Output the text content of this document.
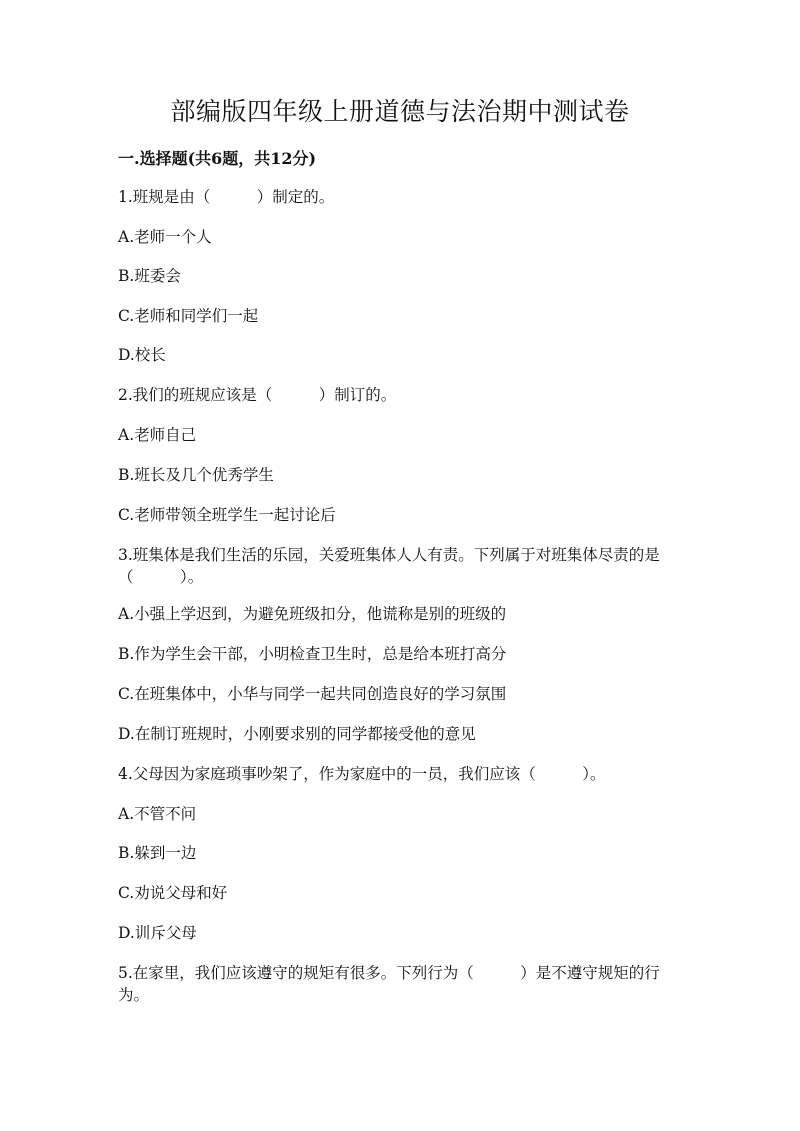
部编版四年级上册道德与法治期中测试卷
一.选择题(共6题，共12分)
1.班规是由（　　　）制定的。
A.老师一个人
B.班委会
C.老师和同学们一起
D.校长
2.我们的班规应该是（　　　）制订的。
A.老师自己
B.班长及几个优秀学生
C.老师带领全班学生一起讨论后
3.班集体是我们生活的乐园，关爱班集体人人有责。下列属于对班集体尽责的是（　　　）。
A.小强上学迟到，为避免班级扣分，他谎称是别的班级的
B.作为学生会干部，小明检查卫生时，总是给本班打高分
C.在班集体中，小华与同学一起共同创造良好的学习氛围
D.在制订班规时，小刚要求别的同学都接受他的意见
4.父母因为家庭琐事吵架了，作为家庭中的一员，我们应该（　　　）。
A.不管不问
B.躲到一边
C.劝说父母和好
D.训斥父母
5.在家里，我们应该遵守的规矩有很多。下列行为（　　　）是不遵守规矩的行为。
